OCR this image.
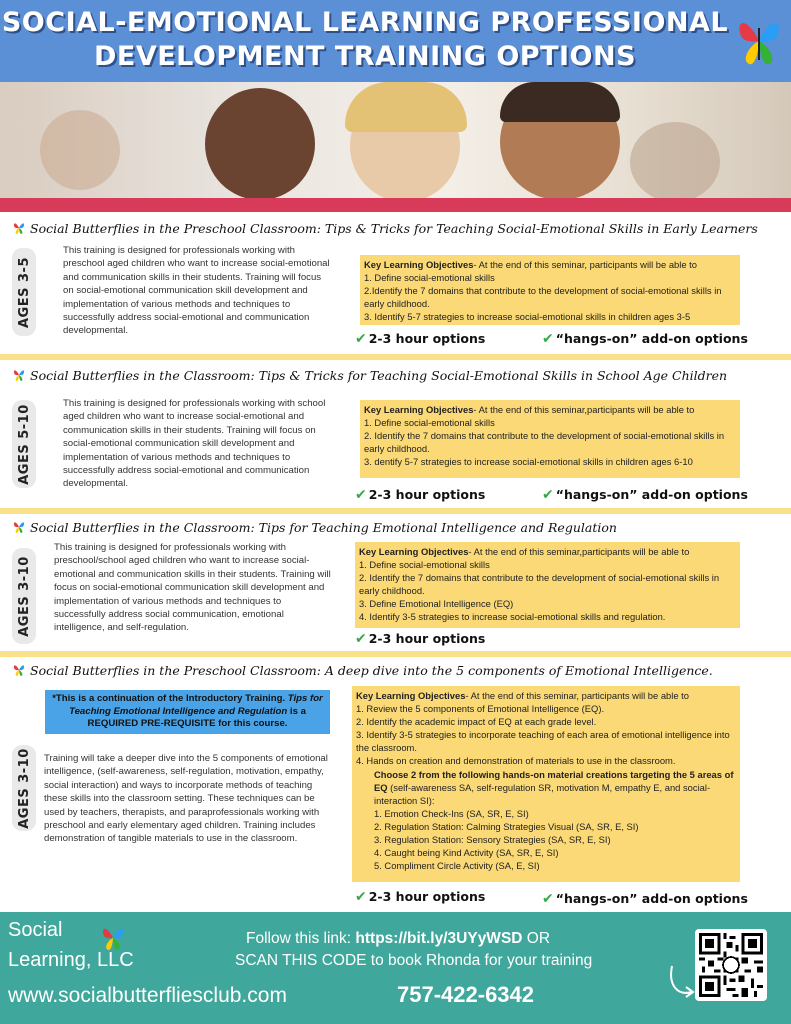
SOCIAL-EMOTIONAL LEARNING PROFESSIONAL
DEVELOPMENT TRAINING OPTIONS
Social Butterflies in the Preschool Classroom: Tips & Tricks for Teaching Social-Emotional Skills in Early Learners
AGES 3-5
This training is designed for professionals working with preschool aged children who want to increase social-emotional and communication skills in their students. Training will focus on social-emotional communication skill development and implementation of various methods and techniques to successfully address social-emotional and communication developmental.
Key Learning Objectives- At the end of this seminar, participants will be able to
1. Define social-emotional skills
2.Identify the 7 domains that contribute to the development of social-emotional skills in early childhood.
3. Identify 5-7 strategies to increase social-emotional skills in children ages 3-5
✔ 2-3 hour options	✔ “hangs-on” add-on options
Social Butterflies in the Classroom: Tips & Tricks for Teaching Social-Emotional Skills in School Age Children
AGES 5-10
This training is designed for professionals working with school aged children who want to increase social-emotional and communication skills in their students. Training will focus on social-emotional communication skill development and implementation of various methods and techniques to successfully address social-emotional and communication developmental.
Key Learning Objectives- At the end of this seminar,participants will be able to
1. Define social-emotional skills
2. Identify the 7 domains that contribute to the development of social-emotional skills in early childhood.
3. dentify 5-7 strategies to increase social-emotional skills in children ages 6-10
✔ 2-3 hour options	✔ “hangs-on” add-on options
Social Butterflies in the Classroom: Tips for Teaching Emotional Intelligence and Regulation
AGES 3-10
This training is designed for professionals working with preschool/school aged children who want to increase social-emotional and communication skills in their students. Training will focus on social-emotional communication skill development and implementation of various methods and techniques to successfully address social communication, emotional intelligence, and self-regulation.
Key Learning Objectives- At the end of this seminar,participants will be able to
1. Define social-emotional skills
2. Identify the 7 domains that contribute to the development of social-emotional skills in early childhood.
3. Define Emotional Intelligence (EQ)
4. Identify 3-5 strategies to increase social-emotional skills and regulation.
✔ 2-3 hour options
Social Butterflies in the Preschool Classroom: A deep dive into the 5 components of Emotional Intelligence.
*This is a continuation of the Introductory Training. Tips for Teaching Emotional Intelligence and Regulation is a REQUIRED PRE-REQUISITE for this course.
AGES 3-10 Training will take a deeper dive into the 5 components of emotional intelligence, (self-awareness, self-regulation, motivation, empathy, social interaction) and ways to incorporate methods of teaching these skills into the classroom setting. These techniques can be used by teachers, therapists, and paraprofessionals working with preschool and early elementary aged children. Training includes demonstration of tangible materials to use in the classroom.
Key Learning Objectives- At the end of this seminar, participants will be able to
1. Review the 5 components of Emotional Intelligence (EQ).
2. Identify the academic impact of EQ at each grade level.
3. Identify 3-5 strategies to incorporate teaching of each area of emotional intelligence into the classroom.
4. Hands on creation and demonstration of materials to use in the classroom.
Choose 2 from the following hands-on material creations targeting the 5 areas of EQ (self-awareness SA, self-regulation SR, motivation M, empathy E, and social-interaction SI):
1. Emotion Check-Ins (SA, SR, E, SI)
2. Regulation Station: Calming Strategies Visual (SA, SR, E, SI)
3. Regulation Station: Sensory Strategies (SA, SR, E, SI)
4. Caught being Kind Activity (SA, SR, E, SI)
5. Compliment Circle Activity (SA, E, SI)
✔ 2-3 hour options	✔ “hangs-on” add-on options
Social
Learning, LLC
www.socialbutterfliesclub.com
Follow this link: https://bit.ly/3UYyWSD OR
SCAN THIS CODE to book Rhonda for your training
757-422-6342
